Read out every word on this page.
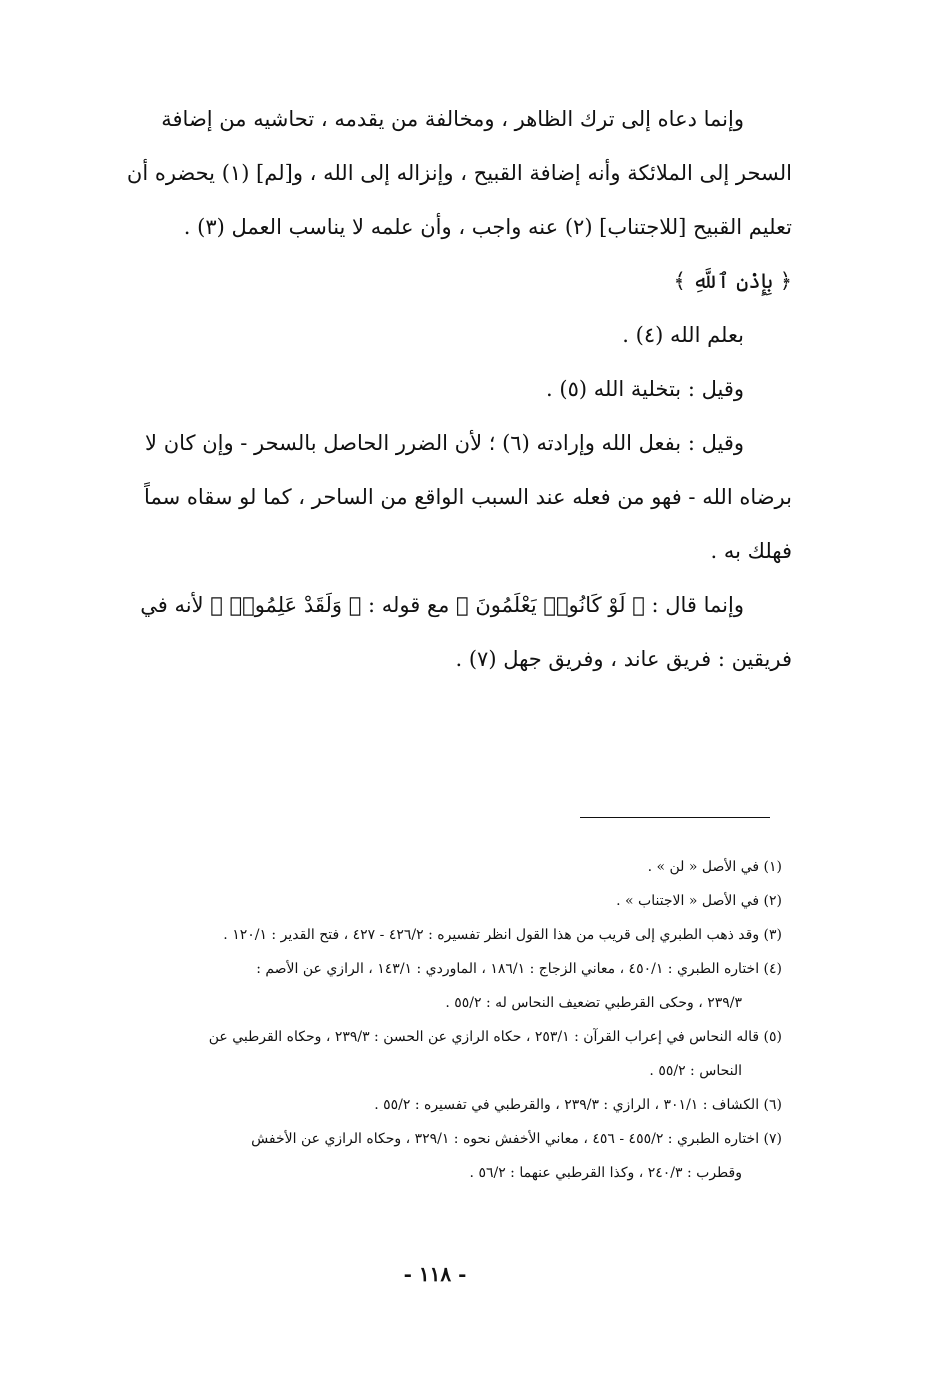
وإنما دعاه إلى ترك الظاهر ، ومخالفة من يقدمه ، تحاشيه من إضافة
السحر إلى الملائكة وأنه إضافة القبيح ، وإنزاله إلى الله ، و[لم] (١) يحضره أن
تعليم القبيح [للاجتناب] (٢) عنه واجب ، وأن علمه لا يناسب العمل (٣) .

﴿ بِإِذْنِ ٱللَّهِ ﴾

بعلم الله (٤) .

وقيل : بتخلية الله (٥) .

وقيل : بفعل الله وإرادته (٦) ؛ لأن الضرر الحاصل بالسحر - وإن كان لا
برضاه الله - فهو من فعله عند السبب الواقع من الساحر ، كما لو سقاه سماً
فهلك به .

وإنما قال : ﴿ لَوْ كَانُوا۟ يَعْلَمُونَ ﴾ مع قوله : ﴿ وَلَقَدْ عَلِمُوا۟ ﴾ لأنه في
فريقين : فريق عاند ، وفريق جهل (٧) .

(١) في الأصل « لن » .

(٢) في الأصل « الاجتناب » .

(٣) وقد ذهب الطبري إلى قريب من هذا القول انظر تفسيره : ٤٢٦/٢ - ٤٢٧ ، فتح القدير : ١٢٠/١ .

(٤) اختاره الطبري : ٤٥٠/١ ، معاني الزجاج : ١٨٦/١ ، الماوردي : ١٤٣/١ ، الرازي عن الأصم :

٢٣٩/٣ ، وحكى القرطبي تضعيف النحاس له : ٥٥/٢ .

(٥) قاله النحاس في إعراب القرآن : ٢٥٣/١ ، حكاه الرازي عن الحسن : ٢٣٩/٣ ، وحكاه القرطبي عن

النحاس : ٥٥/٢ .

(٦) الكشاف : ٣٠١/١ ، الرازي : ٢٣٩/٣ ، والقرطبي في تفسيره : ٥٥/٢ .

(٧) اختاره الطبري : ٤٥٥/٢ - ٤٥٦ ، معاني الأخفش نحوه : ٣٢٩/١ ، وحكاه الرازي عن الأخفش

وقطرب : ٢٤٠/٣ ، وكذا القرطبي عنهما : ٥٦/٢ .

- ١١٨ -
